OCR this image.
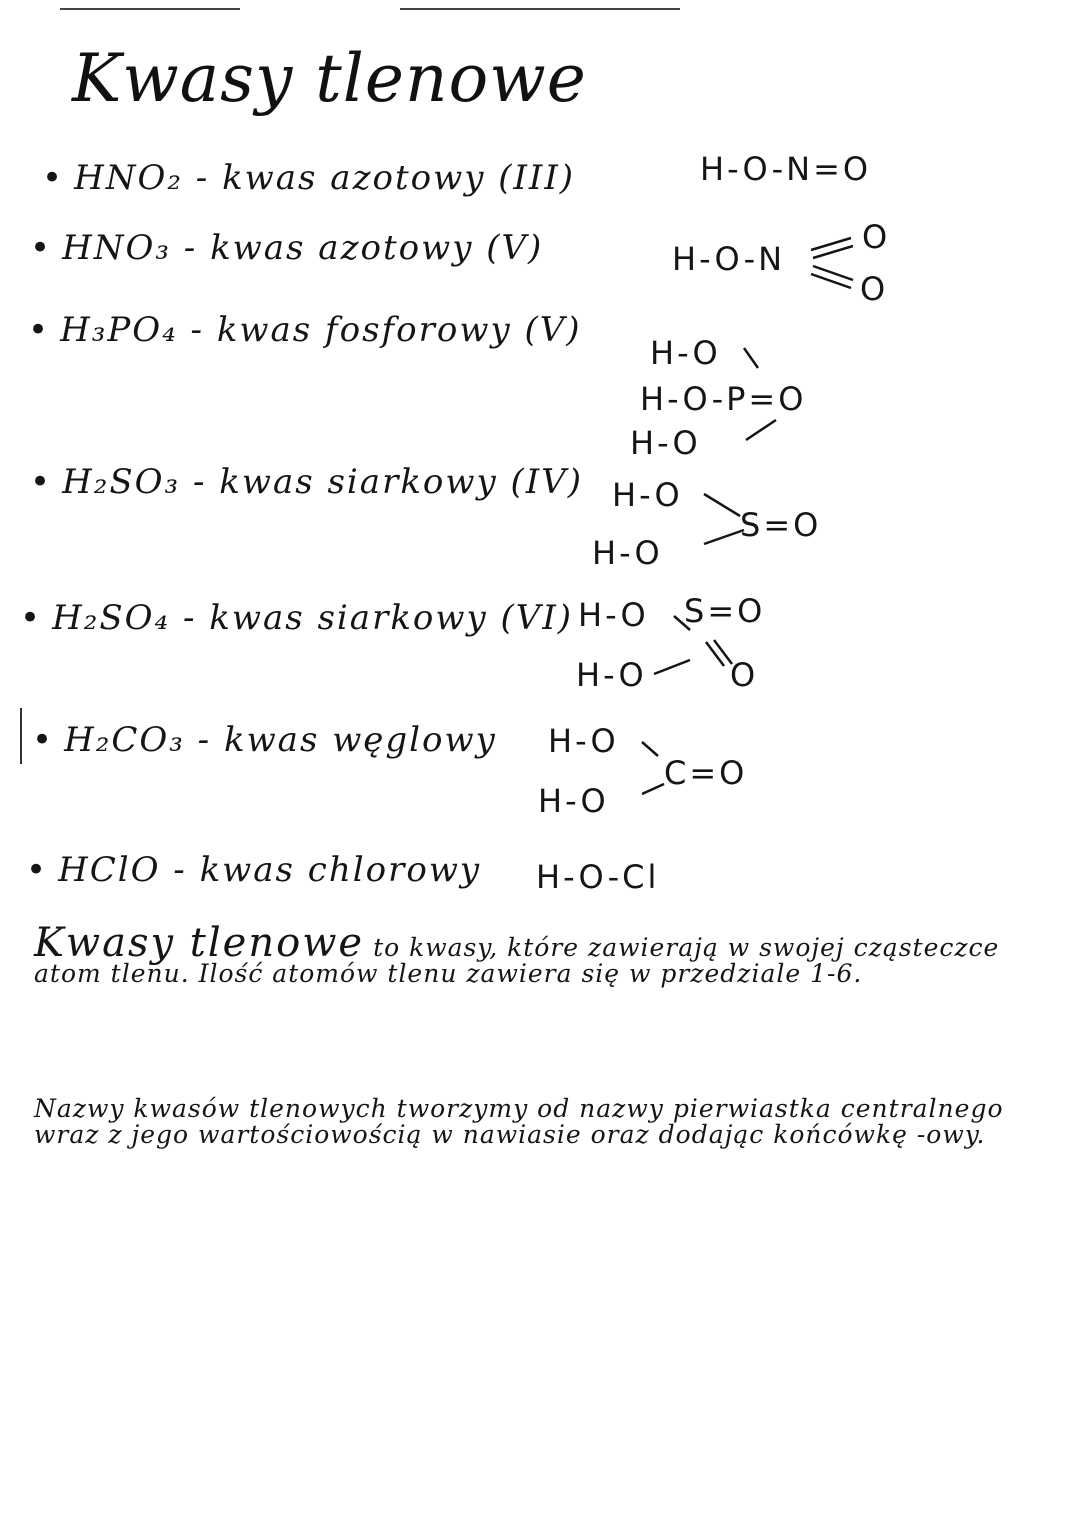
Kwasy tlenowe
• HNO₂ - kwas azotowy (III)	H-O-N=O
• HNO₃ - kwas azotowy (V)	H-O-N
O
O
• H₃PO₄ - kwas fosforowy (V)
H-O
H-O-P=O
H-O
• H₂SO₃ - kwas siarkowy (IV) H-O
S=O
H-O
• H₂SO₄ - kwas siarkowy (VI) H-O S=O
H-O	O
• H₂CO₃ - kwas węglowy H-O
C=O
H-O
• HClO - kwas chlorowy H-O-Cl
Kwasy tlenowe to kwasy, które zawierają w swojej cząsteczce atom tlenu. Ilość atomów tlenu zawiera się w przedziale 1-6.
Nazwy kwasów tlenowych tworzymy od nazwy pierwiastka centralnego wraz z jego wartościowością w nawiasie oraz dodając końcówkę -owy.
